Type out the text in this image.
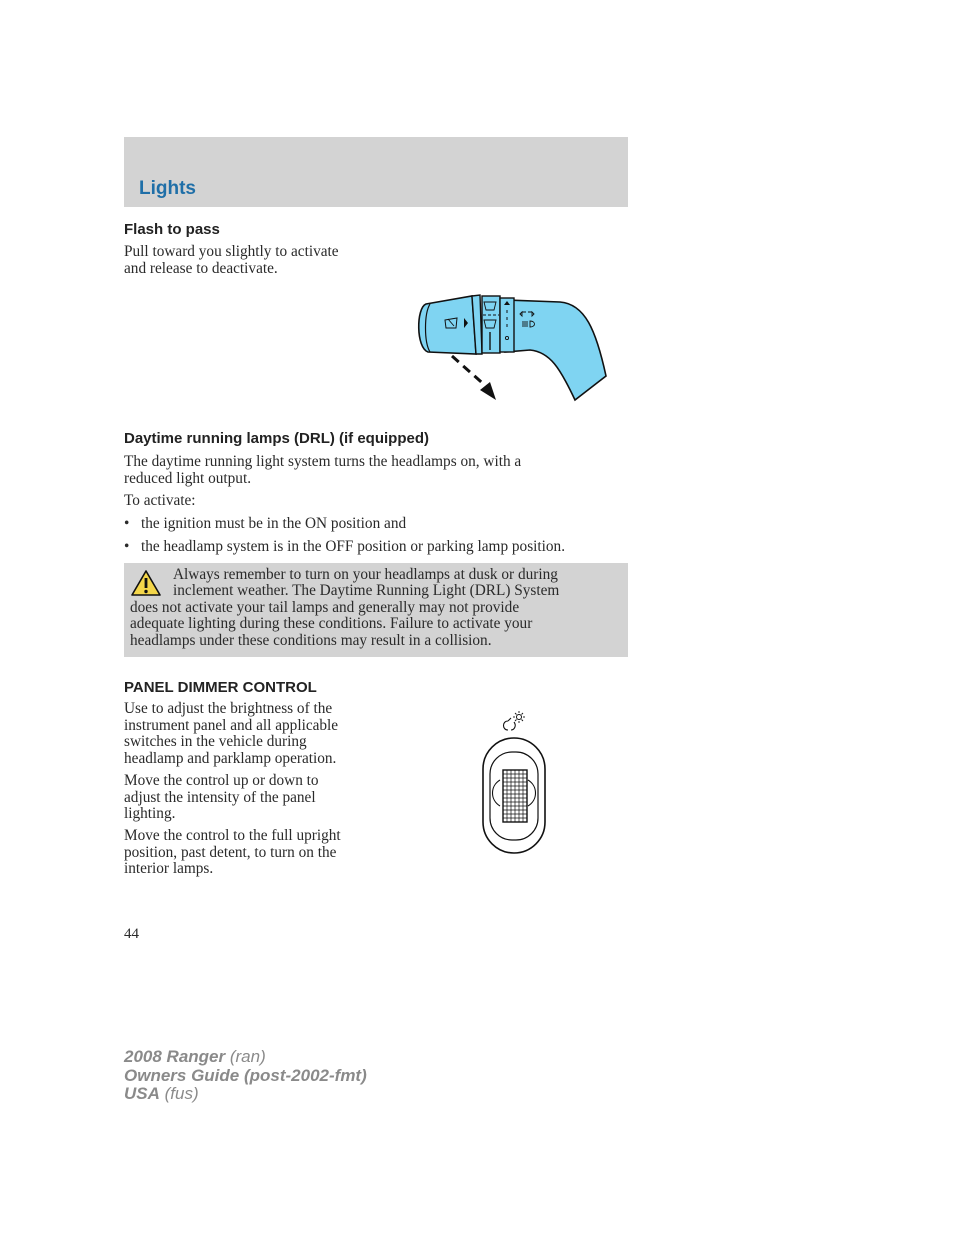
Lights
Flash to pass
Pull toward you slightly to activate
and release to deactivate.
Daytime running lamps (DRL) (if equipped)
The daytime running light system turns the headlamps on, with a
reduced light output.
To activate:
• the ignition must be in the ON position and
• the headlamp system is in the OFF position or parking lamp position.
Always remember to turn on your headlamps at dusk or during
inclement weather. The Daytime Running Light (DRL) System
does not activate your tail lamps and generally may not provide
adequate lighting during these conditions. Failure to activate your
headlamps under these conditions may result in a collision.
PANEL DIMMER CONTROL
Use to adjust the brightness of the
instrument panel and all applicable
switches in the vehicle during
headlamp and parklamp operation.
Move the control up or down to
adjust the intensity of the panel
lighting.
Move the control to the full upright
position, past detent, to turn on the
interior lamps.
44
2008 Ranger (ran)
Owners Guide (post-2002-fmt)
USA (fus)
